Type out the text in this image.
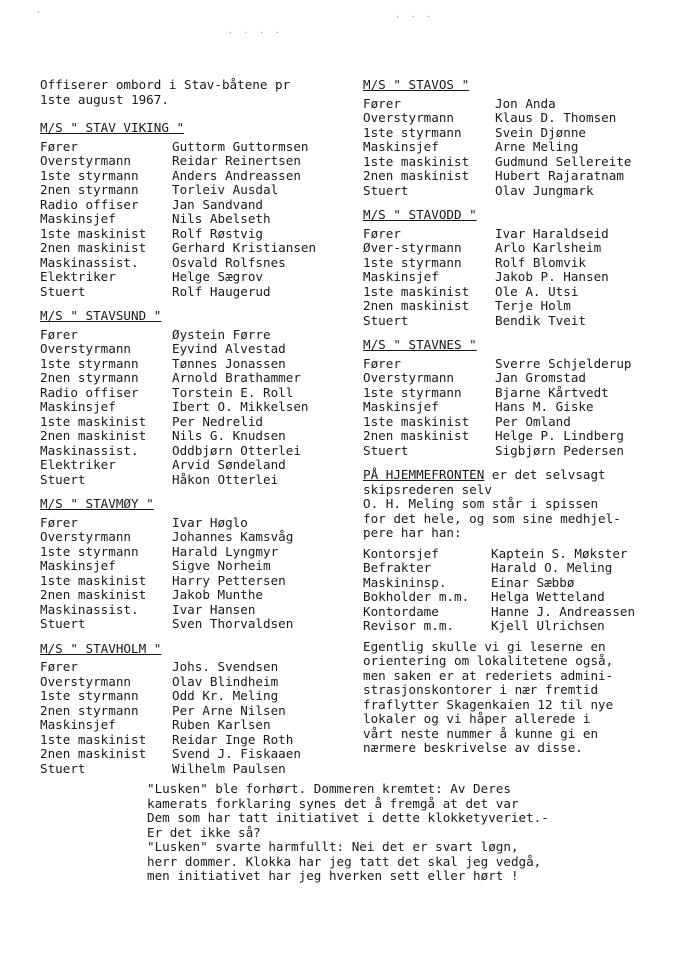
·
· · · ·
· · ·
Offiserer ombord i Stav-båtene pr
1ste august 1967.
M/S " STAV VIKING "
Fører	Guttorm Guttormsen
Overstyrmann	Reidar Reinertsen
1ste styrmann	Anders Andreassen
2nen styrmann	Torleiv Ausdal
Radio offiser	Jan Sandvand
Maskinsjef	Nils Abelseth
1ste maskinist	Rolf Røstvig
2nen maskinist	Gerhard Kristiansen
Maskinassist.	Osvald Rolfsnes
Elektriker	Helge Sægrov
Stuert	Rolf Haugerud
M/S " STAVSUND "
Fører	Øystein Førre
Overstyrmann	Eyvind Alvestad
1ste styrmann	Tønnes Jonassen
2nen styrmann	Arnold Brathammer
Radio offiser	Torstein E. Roll
Maskinsjef	Ibert O. Mikkelsen
1ste maskinist	Per Nedrelid
2nen maskinist	Nils G. Knudsen
Maskinassist.	Oddbjørn Otterlei
Elektriker	Arvid Søndeland
Stuert	Håkon Otterlei
M/S " STAVMØY "
Fører	Ivar Høglo
Overstyrmann	Johannes Kamsvåg
1ste styrmann	Harald Lyngmyr
Maskinsjef	Sigve Norheim
1ste maskinist	Harry Pettersen
2nen maskinist	Jakob Munthe
Maskinassist.	Ivar Hansen
Stuert	Sven Thorvaldsen
M/S " STAVHOLM "
Fører	Johs. Svendsen
Overstyrmann	Olav Blindheim
1ste styrmann	Odd Kr. Meling
2nen styrmann	Per Arne Nilsen
Maskinsjef	Ruben Karlsen
1ste maskinist	Reidar Inge Roth
2nen maskinist	Svend J. Fiskaaen
Stuert	Wilhelm Paulsen
M/S " STAVOS "
Fører	Jon Anda
Overstyrmann	Klaus D. Thomsen
1ste styrmann	Svein Djønne
Maskinsjef	Arne Meling
1ste maskinist	Gudmund Sellereite
2nen maskinist	Hubert Rajaratnam
Stuert	Olav Jungmark
M/S " STAVODD "
Fører	Ivar Haraldseid
Øver-styrmann	Arlo Karlsheim
1ste styrmann	Rolf Blomvik
Maskinsjef	Jakob P. Hansen
1ste maskinist	Ole A. Utsi
2nen maskinist	Terje Holm
Stuert	Bendik Tveit
M/S " STAVNES "
Fører	Sverre Schjelderup
Overstyrmann	Jan Gromstad
1ste styrmann	Bjarne Kårtvedt
Maskinsjef	Hans M. Giske
1ste maskinist	Per Omland
2nen maskinist	Helge P. Lindberg
Stuert	Sigbjørn Pedersen
PÅ HJEMMEFRONTEN er det selvsagt
skipsrederen selv
O. H. Meling som står i spissen
for det hele, og som sine medhjel-
pere har han:
Kontorsjef	Kaptein S. Møkster
Befrakter	Harald O. Meling
Maskininsp.	Einar Sæbbø
Bokholder m.m.	Helga Wetteland
Kontordame	Hanne J. Andreassen
Revisor m.m.	Kjell Ulrichsen
Egentlig skulle vi gi leserne en
orientering om lokalitetene også,
men saken er at rederiets admini-
strasjonskontorer i nær fremtid
fraflytter Skagenkaien 12 til nye
lokaler og vi håper allerede i
vårt neste nummer å kunne gi en
nærmere beskrivelse av disse.
"Lusken" ble forhørt. Dommeren kremtet: Av Deres
kamerats forklaring synes det å fremgå at det var
Dem som har tatt initiativet i dette klokketyveriet.-
Er det ikke så?
"Lusken" svarte harmfullt: Nei det er svart løgn,
herr dommer. Klokka har jeg tatt det skal jeg vedgå,
men initiativet har jeg hverken sett eller hørt !
